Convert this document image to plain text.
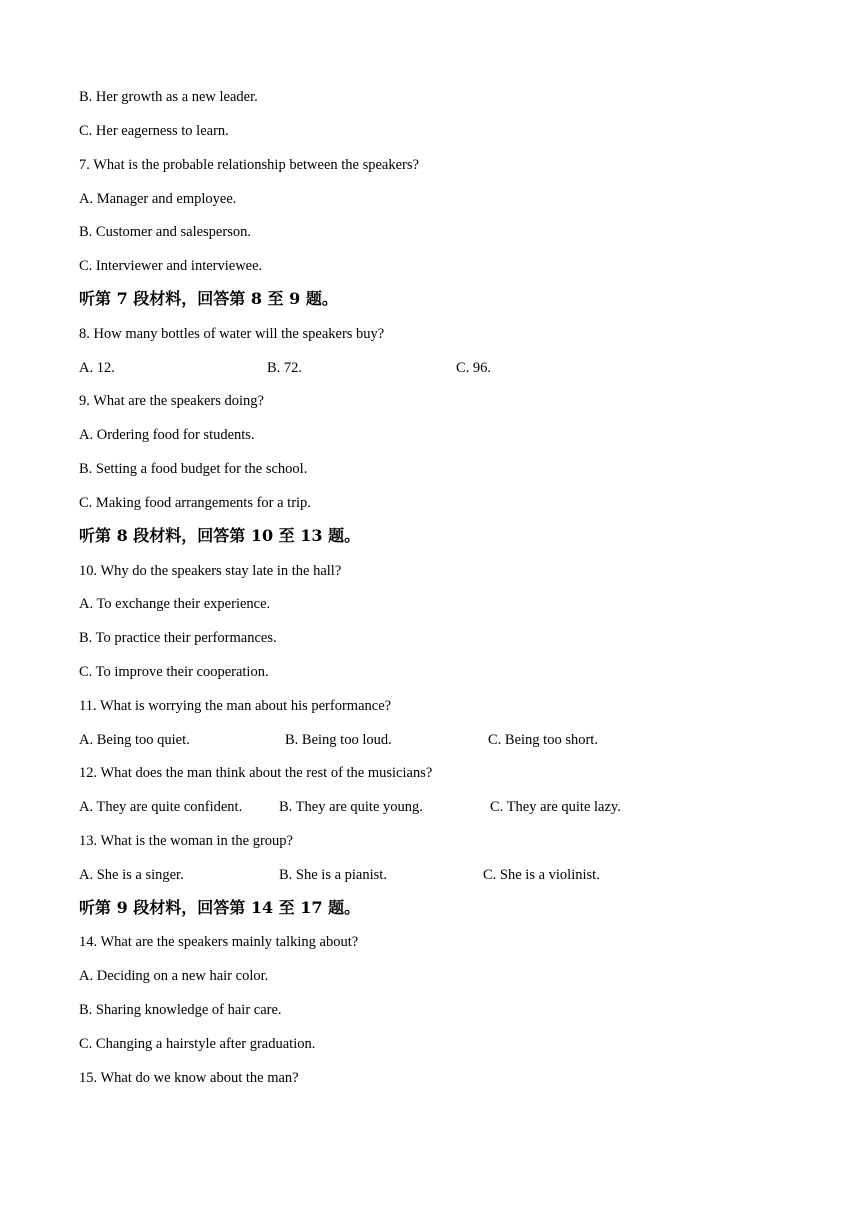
B. Her growth as a new leader.
C. Her eagerness to learn.
7. What is the probable relationship between the speakers?
A. Manager and employee.
B. Customer and salesperson.
C. Interviewer and interviewee.
听第 7 段材料，回答第 8 至 9 题。
8. How many bottles of water will the speakers buy?
A. 12.	B. 72.	C. 96.
9. What are the speakers doing?
A. Ordering food for students.
B. Setting a food budget for the school.
C. Making food arrangements for a trip.
听第 8 段材料，回答第 10 至 13 题。
10. Why do the speakers stay late in the hall?
A. To exchange their experience.
B. To practice their performances.
C. To improve their cooperation.
11. What is worrying the man about his performance?
A. Being too quiet.	B. Being too loud.	C. Being too short.
12. What does the man think about the rest of the musicians?
A. They are quite confident.	B. They are quite young.	C. They are quite lazy.
13. What is the woman in the group?
A. She is a singer.	B. She is a pianist.	C. She is a violinist.
听第 9 段材料，回答第 14 至 17 题。
14. What are the speakers mainly talking about?
A. Deciding on a new hair color.
B. Sharing knowledge of hair care.
C. Changing a hairstyle after graduation.
15. What do we know about the man?
